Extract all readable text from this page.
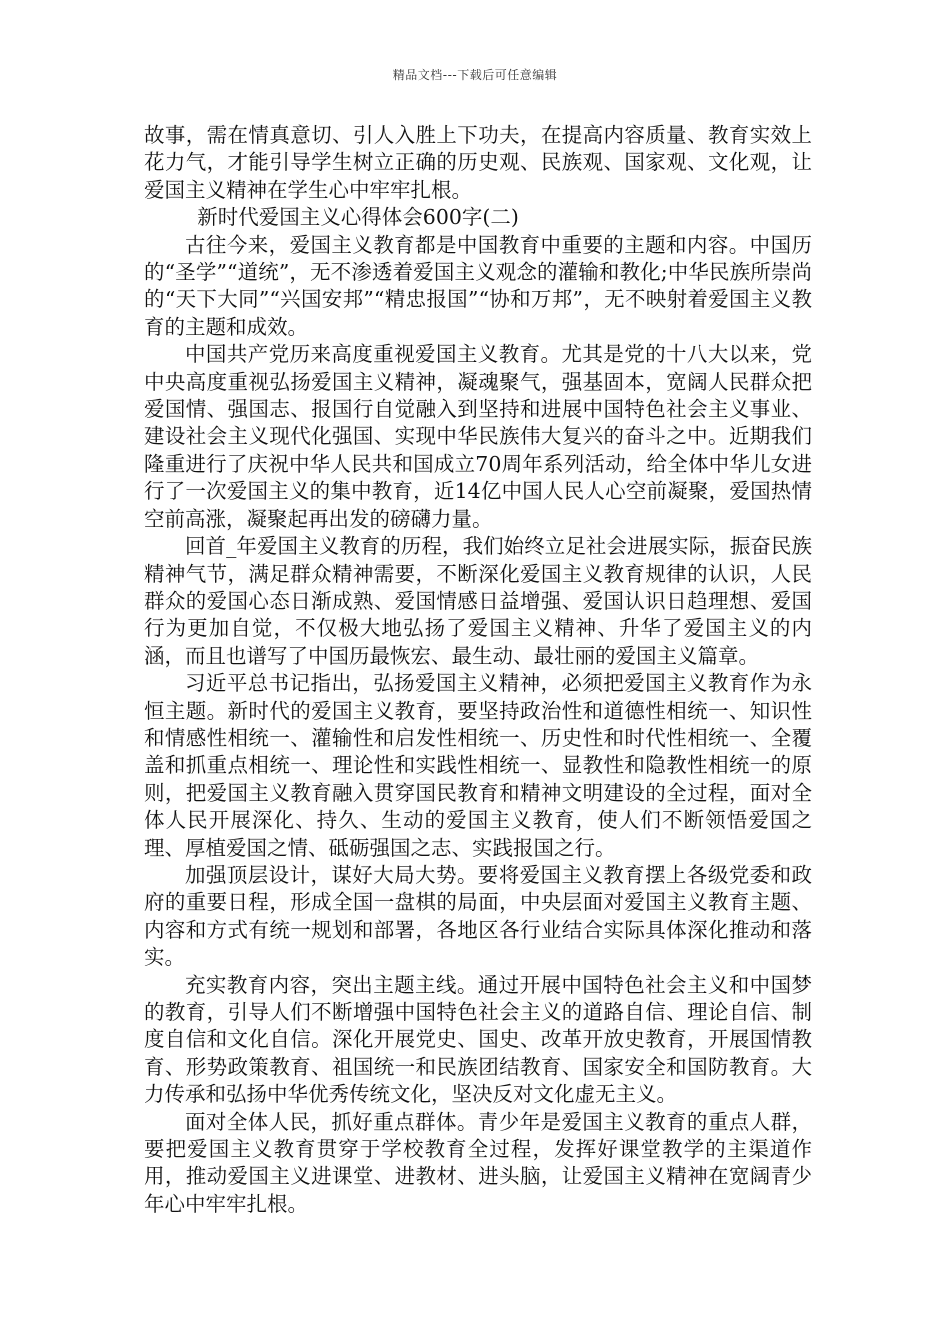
精品文档---下载后可任意编辑

故事，需在情真意切、引人入胜上下功夫，在提高内容质量、教育实效上花力气，才能引导学生树立正确的历史观、民族观、国家观、文化观，让爱国主义精神在学生心中牢牢扎根。

新时代爱国主义心得体会600字(二)

古往今来，爱国主义教育都是中国教育中重要的主题和内容。中国历的“圣学”“道统”，无不渗透着爱国主义观念的灌输和教化;中华民族所崇尚的“天下大同”“兴国安邦”“精忠报国”“协和万邦”，无不映射着爱国主义教育的主题和成效。

中国共产党历来高度重视爱国主义教育。尤其是党的十八大以来，党中央高度重视弘扬爱国主义精神，凝魂聚气，强基固本，宽阔人民群众把爱国情、强国志、报国行自觉融入到坚持和进展中国特色社会主义事业、建设社会主义现代化强国、实现中华民族伟大复兴的奋斗之中。近期我们隆重进行了庆祝中华人民共和国成立70周年系列活动，给全体中华儿女进行了一次爱国主义的集中教育，近14亿中国人民人心空前凝聚，爱国热情空前高涨，凝聚起再出发的磅礴力量。

回首_年爱国主义教育的历程，我们始终立足社会进展实际，振奋民族精神气节，满足群众精神需要，不断深化爱国主义教育规律的认识，人民群众的爱国心态日渐成熟、爱国情感日益增强、爱国认识日趋理想、爱国行为更加自觉，不仅极大地弘扬了爱国主义精神、升华了爱国主义的内涵，而且也谱写了中国历最恢宏、最生动、最壮丽的爱国主义篇章。

习近平总书记指出，弘扬爱国主义精神，必须把爱国主义教育作为永恒主题。新时代的爱国主义教育，要坚持政治性和道德性相统一、知识性和情感性相统一、灌输性和启发性相统一、历史性和时代性相统一、全覆盖和抓重点相统一、理论性和实践性相统一、显教性和隐教性相统一的原则，把爱国主义教育融入贯穿国民教育和精神文明建设的全过程，面对全体人民开展深化、持久、生动的爱国主义教育，使人们不断领悟爱国之理、厚植爱国之情、砥砺强国之志、实践报国之行。

加强顶层设计，谋好大局大势。要将爱国主义教育摆上各级党委和政府的重要日程，形成全国一盘棋的局面，中央层面对爱国主义教育主题、内容和方式有统一规划和部署，各地区各行业结合实际具体深化推动和落实。

充实教育内容，突出主题主线。通过开展中国特色社会主义和中国梦的教育，引导人们不断增强中国特色社会主义的道路自信、理论自信、制度自信和文化自信。深化开展党史、国史、改革开放史教育，开展国情教育、形势政策教育、祖国统一和民族团结教育、国家安全和国防教育。大力传承和弘扬中华优秀传统文化，坚决反对文化虚无主义。

面对全体人民，抓好重点群体。青少年是爱国主义教育的重点人群，要把爱国主义教育贯穿于学校教育全过程，发挥好课堂教学的主渠道作用，推动爱国主义进课堂、进教材、进头脑，让爱国主义精神在宽阔青少年心中牢牢扎根。
